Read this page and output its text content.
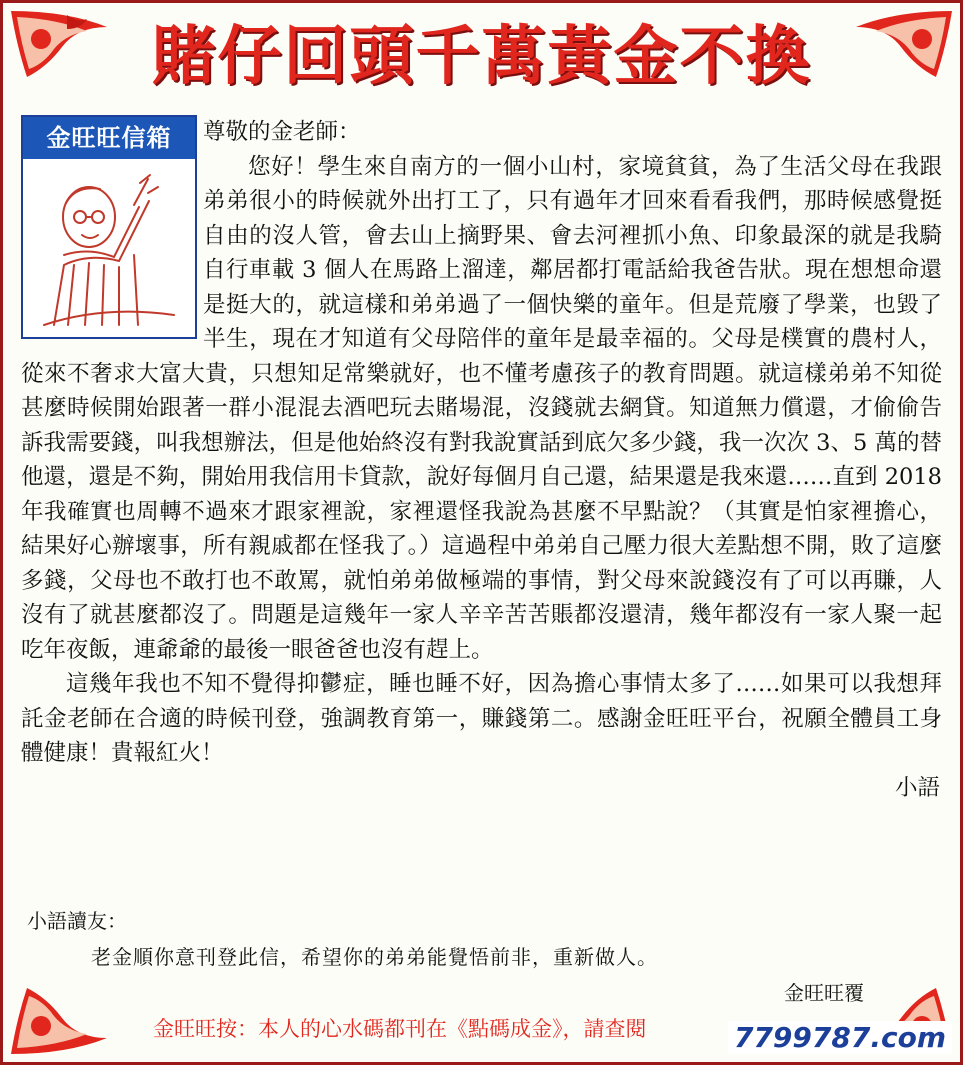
賭仔回頭千萬黃金不換
金旺旺信箱	尊敬的金老師：

您好！學生來自南方的一個小山村，家境貧貧，為了生活父母在我跟弟弟很小的時候就外出打工了，只有過年才回來看看我們，那時候感覺挺自由的沒人管，會去山上摘野果、會去河裡抓小魚、印象最深的就是我騎自行車載 3 個人在馬路上溜達，鄰居都打電話給我爸告狀。現在想想命還是挺大的，就這樣和弟弟過了一個快樂的童年。但是荒廢了學業，也毀了半生，現在才知道有父母陪伴的童年是最幸福的。父母是樸實的農村人，從來不奢求大富大貴，只想知足常樂就好，也不懂考慮孩子的教育問題。就這樣弟弟不知從甚麼時候開始跟著一群小混混去酒吧玩去賭場混，沒錢就去網貸。知道無力償還，才偷偷告訴我需要錢，叫我想辦法，但是他始終沒有對我說實話到底欠多少錢，我一次次 3、5 萬的替他還，還是不夠，開始用我信用卡貸款，說好每個月自己還，結果還是我來還……直到 2018 年我確實也周轉不過來才跟家裡說，家裡還怪我說為甚麼不早點說？（其實是怕家裡擔心，結果好心辦壞事，所有親戚都在怪我了。）這過程中弟弟自己壓力很大差點想不開，敗了這麼多錢，父母也不敢打也不敢罵，就怕弟弟做極端的事情，對父母來說錢沒有了可以再賺，人沒有了就甚麼都沒了。問題是這幾年一家人辛辛苦苦賬都沒還清，幾年都沒有一家人聚一起吃年夜飯，連爺爺的最後一眼爸爸也沒有趕上。

這幾年我也不知不覺得抑鬱症，睡也睡不好，因為擔心事情太多了……如果可以我想拜託金老師在合適的時候刊登，強調教育第一，賺錢第二。感謝金旺旺平台，祝願全體員工身體健康！貴報紅火！

小語

小語讀友：

老金順你意刊登此信，希望你的弟弟能覺悟前非，重新做人。

金旺旺覆

金旺旺按：本人的心水碼都刊在《點碼成金》，請查閱	7799787.com
